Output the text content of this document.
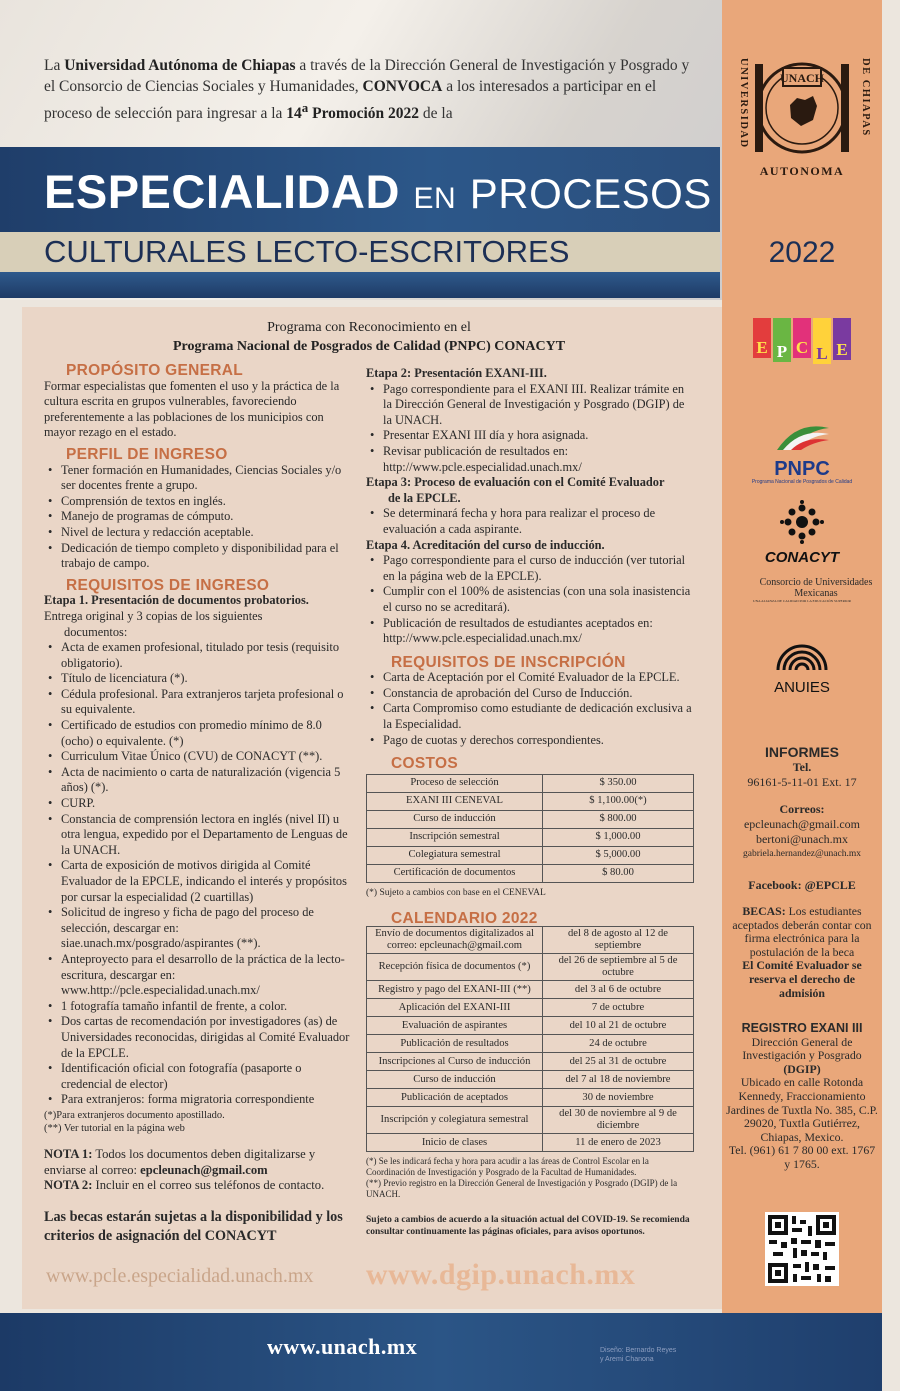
La Universidad Autónoma de Chiapas a través de la Dirección General de Investigación y Posgrado y el Consorcio de Ciencias Sociales y Humanidades, CONVOCA a los interesados a participar en el proceso de selección para ingresar a la 14$^a$ Promoción 2022 de la
ESPECIALIDAD EN PROCESOS
CULTURALES LECTO-ESCRITORES
UNIVERSIDAD	DE CHIAPAS
UNACH
AUTONOMA
2022
Programa con Reconocimiento en el
Programa Nacional de Posgrados de Calidad (PNPC) CONACYT
PROPÓSITO GENERAL

Formar especialistas que fomenten el uso y la práctica de la cultura escrita en grupos vulnerables, favoreciendo preferentemente a las poblaciones de los municipios con mayor rezago en el estado.

PERFIL DE INGRESO
• Tener formación en Humanidades, Ciencias Sociales y/o ser docentes frente a grupo.
• Comprensión de textos en inglés.
• Manejo de programas de cómputo.
• Nivel de lectura y redacción aceptable.
• Dedicación de tiempo completo y disponibilidad para el trabajo de campo.
REQUISITOS DE INGRESO

Etapa 1. Presentación de documentos probatorios.

Entrega original y 3 copias de los siguientes

documentos:

• Acta de examen profesional, titulado por tesis (requisito obligatorio).
• Título de licenciatura (*).
• Cédula profesional. Para extranjeros tarjeta profesional o su equivalente.
• Certificado de estudios con promedio mínimo de 8.0 (ocho) o equivalente. (*)
• Curriculum Vitae Único (CVU) de CONACYT (**).
• Acta de nacimiento o carta de naturalización (vigencia 5 años) (*).
• CURP.
• Constancia de comprensión lectora en inglés (nivel II) u otra lengua, expedido por el Departamento de Lenguas de la UNACH.
• Carta de exposición de motivos dirigida al Comité Evaluador de la EPCLE, indicando el interés y propósitos por cursar la especialidad (2 cuartillas)
• Solicitud de ingreso y ficha de pago del proceso de selección, descargar en: siae.unach.mx/posgrado/aspirantes (**).
• Anteproyecto para el desarrollo de la práctica de la lecto-escritura, descargar en: www.http://pcle.especialidad.unach.mx/
• 1 fotografía tamaño infantil de frente, a color.
• Dos cartas de recomendación por investigadores (as) de Universidades reconocidas, dirigidas al Comité Evaluador de la EPCLE.
• Identificación oficial con fotografía (pasaporte o credencial de elector)
• Para extranjeros: forma migratoria correspondiente

(*)Para extranjeros documento apostillado.

(**) Ver tutorial en la página web

NOTA 1: Todos los documentos deben digitalizarse y enviarse al correo: epcleunach@gmail.com

NOTA 2: Incluir en el correo sus teléfonos de contacto.

Las becas estarán sujetas a la disponibilidad y los criterios de asignación del CONACYT

Etapa 2: Presentación EXANI-III.

• Pago correspondiente para el EXANI III. Realizar trámite en la Dirección General de Investigación y Posgrado (DGIP) de la UNACH.
• Presentar EXANI III día y hora asignada.
• Revisar publicación de resultados en: http://www.pcle.especialidad.unach.mx/

Etapa 3: Proceso de evaluación con el Comité Evaluador

de la EPCLE.

• Se determinará fecha y hora para realizar el proceso de evaluación a cada aspirante.

Etapa 4. Acreditación del curso de inducción.

• Pago correspondiente para el curso de inducción (ver tutorial en la página web de la EPCLE).
• Cumplir con el 100% de asistencias (con una sola inasistencia el curso no se acreditará).
• Publicación de resultados de estudiantes aceptados en: http://www.pcle.especialidad.unach.mx/
REQUISITOS DE INSCRIPCIÓN
• Carta de Aceptación por el Comité Evaluador de la EPCLE.
• Constancia de aprobación del Curso de Inducción.
• Carta Compromiso como estudiante de dedicación exclusiva a la Especialidad.
• Pago de cuotas y derechos correspondientes.
COSTOS
Proceso de selección	$ 350.00
EXANI III CENEVAL	$ 1,100.00(*)
Curso de inducción	$ 800.00
Inscripción semestral	$ 1,000.00
Colegiatura semestral	$ 5,000.00
Certificación de documentos	$ 80.00

(*) Sujeto a cambios con base en el CENEVAL

CALENDARIO 2022
Envío de documentos digitalizados al correo: epcleunach@gmail.com	del 8 de agosto al 12 de septiembre
Recepción física de documentos (*)	del 26 de septiembre al 5 de octubre
Registro y pago del EXANI-III (**)	del 3 al 6 de octubre
Aplicación del EXANI-III	7 de octubre
Evaluación de aspirantes	del 10 al 21 de octubre
Publicación de resultados	24 de octubre
Inscripciones al Curso de inducción	del 25 al 31 de octubre
Curso de inducción	del 7 al 18 de noviembre
Publicación de aceptados	30 de noviembre
Inscripción y colegiatura semestral	del 30 de noviembre al 9 de diciembre
Inicio de clases	11 de enero de 2023

(*) Se les indicará fecha y hora para acudir a las áreas de Control Escolar en la Coordinación de Investigación y Posgrado de la Facultad de Humanidades.

(**) Previo registro en la Dirección General de Investigación y Posgrado (DGIP) de la UNACH.

Sujeto a cambios de acuerdo a la situación actual del COVID-19. Se recomienda consultar continuamente las páginas oficiales, para avisos oportunos.

www.pcle.especialidad.unach.mx www.dgip.unach.mx
www.unach.mx	Diseño: Bernardo Reyes
y Aremi Chanona
E P C L E
PNPC
Programa Nacional de Posgrados de Calidad
CONACYT
Consorcio de Universidades Mexicanas
UNA ALIANZA DE CALIDAD POR LA EDUCACIÓN SUPERIOR
ANUIES
INFORMES
Tel.
96161-5-11-01 Ext. 17
Correos:
epcleunach@gmail.com
bertoni@unach.mx
gabriela.hernandez@unach.mx
Facebook: @EPCLE
BECAS: Los estudiantes aceptados deberán contar con firma electrónica para la postulación de la beca
El Comité Evaluador se reserva el derecho de admisión
REGISTRO EXANI III
Dirección General de Investigación y Posgrado
(DGIP)
Ubicado en calle Rotonda Kennedy, Fraccionamiento Jardines de Tuxtla No. 385, C.P. 29020, Tuxtla Gutiérrez, Chiapas, Mexico.
Tel. (961) 61 7 80 00 ext. 1767 y 1765.
